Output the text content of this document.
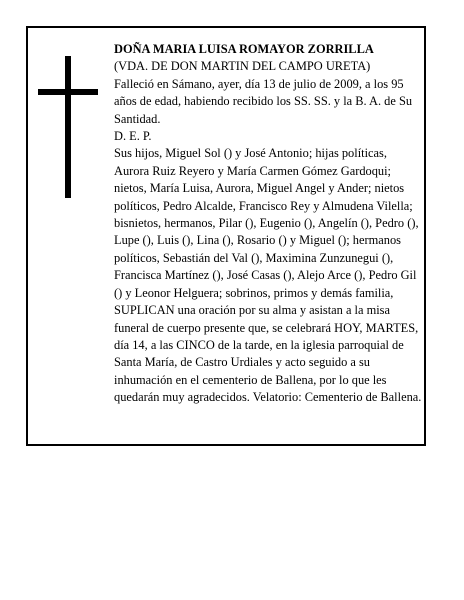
DOÑA MARIA LUISA ROMAYOR ZORRILLA

(VDA. DE DON MARTIN DEL CAMPO URETA)

Falleció en Sámano, ayer, día 13 de julio de 2009, a los 95 años de edad, habiendo recibido los SS. SS. y la B. A. de Su Santidad.

D. E. P.

Sus hijos, Miguel Sol () y José Antonio; hijas políticas, Aurora Ruiz Reyero y María Carmen Gómez Gardoqui; nietos, María Luisa, Aurora, Miguel Angel y Ander; nietos políticos, Pedro Alcalde, Francisco Rey y Almudena Vilella; bisnietos, hermanos, Pilar (), Eugenio (), Angelín (), Pedro (), Lupe (), Luis (), Lina (), Rosario () y Miguel (); hermanos políticos, Sebastián del Val (), Maximina Zunzunegui (), Francisca Martínez (), José Casas (), Alejo Arce (), Pedro Gil () y Leonor Helguera; sobrinos, primos y demás familia, SUPLICAN una oración por su alma y asistan a la misa funeral de cuerpo presente que, se celebrará HOY, MARTES, día 14, a las CINCO de la tarde, en la iglesia parroquial de Santa María, de Castro Urdiales y acto seguido a su inhumación en el cementerio de Ballena, por lo que les quedarán muy agradecidos. Velatorio: Cementerio de Ballena.
